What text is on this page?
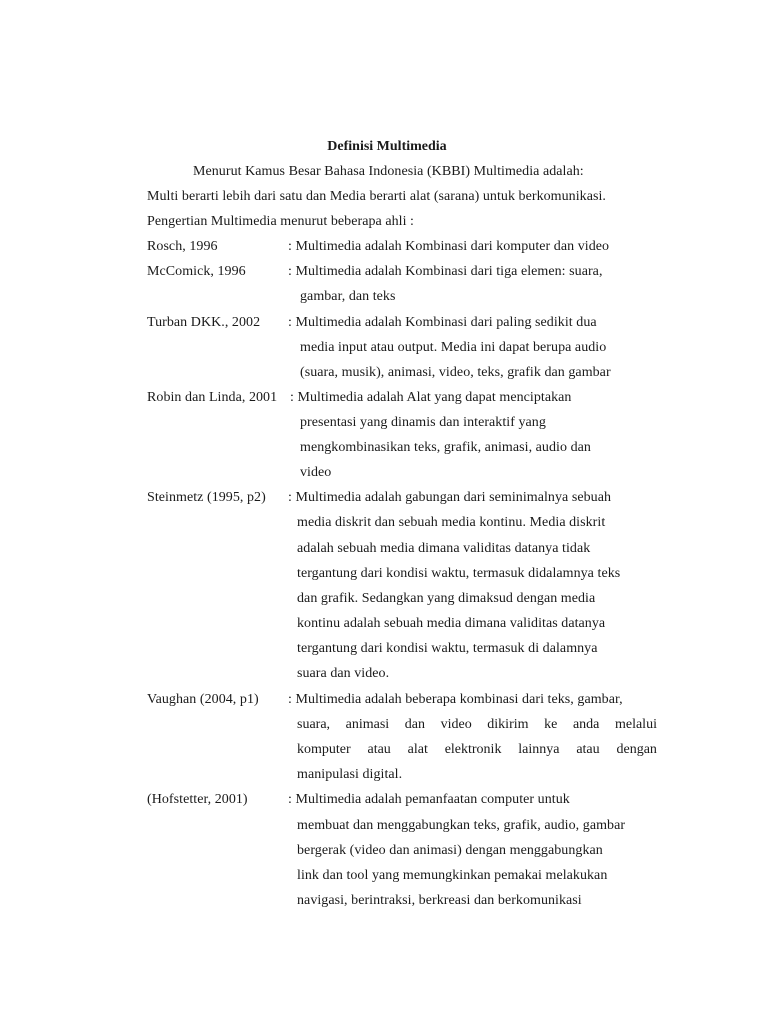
Definisi Multimedia
Menurut Kamus Besar Bahasa Indonesia (KBBI) Multimedia adalah:
Multi berarti lebih dari satu dan Media berarti alat (sarana) untuk berkomunikasi.
Pengertian Multimedia menurut beberapa ahli :
Rosch, 1996	: Multimedia adalah Kombinasi dari komputer dan video
McComick, 1996	: Multimedia adalah Kombinasi dari tiga elemen: suara,
gambar, dan teks
Turban DKK., 2002 : Multimedia adalah Kombinasi dari paling sedikit dua
media input atau output. Media ini dapat berupa audio
(suara, musik), animasi, video, teks, grafik dan gambar
Robin dan Linda, 2001 : Multimedia adalah Alat yang dapat menciptakan
presentasi yang dinamis dan interaktif yang
mengkombinasikan teks, grafik, animasi, audio dan
video
Steinmetz (1995, p2) : Multimedia adalah gabungan dari seminimalnya sebuah
media diskrit dan sebuah media kontinu. Media diskrit
adalah sebuah media dimana validitas datanya tidak
tergantung dari kondisi waktu, termasuk didalamnya teks
dan grafik. Sedangkan yang dimaksud dengan media
kontinu adalah sebuah media dimana validitas datanya
tergantung dari kondisi waktu, termasuk di dalamnya
suara dan video.
Vaughan (2004, p1) : Multimedia adalah beberapa kombinasi dari teks, gambar,
suara, animasi dan video dikirim ke anda melalui
komputer atau alat elektronik lainnya atau dengan
manipulasi digital.
(Hofstetter, 2001)	: Multimedia adalah pemanfaatan computer untuk
membuat dan menggabungkan teks, grafik, audio, gambar
bergerak (video dan animasi) dengan menggabungkan
link dan tool yang memungkinkan pemakai melakukan
navigasi, berintraksi, berkreasi dan berkomunikasi
